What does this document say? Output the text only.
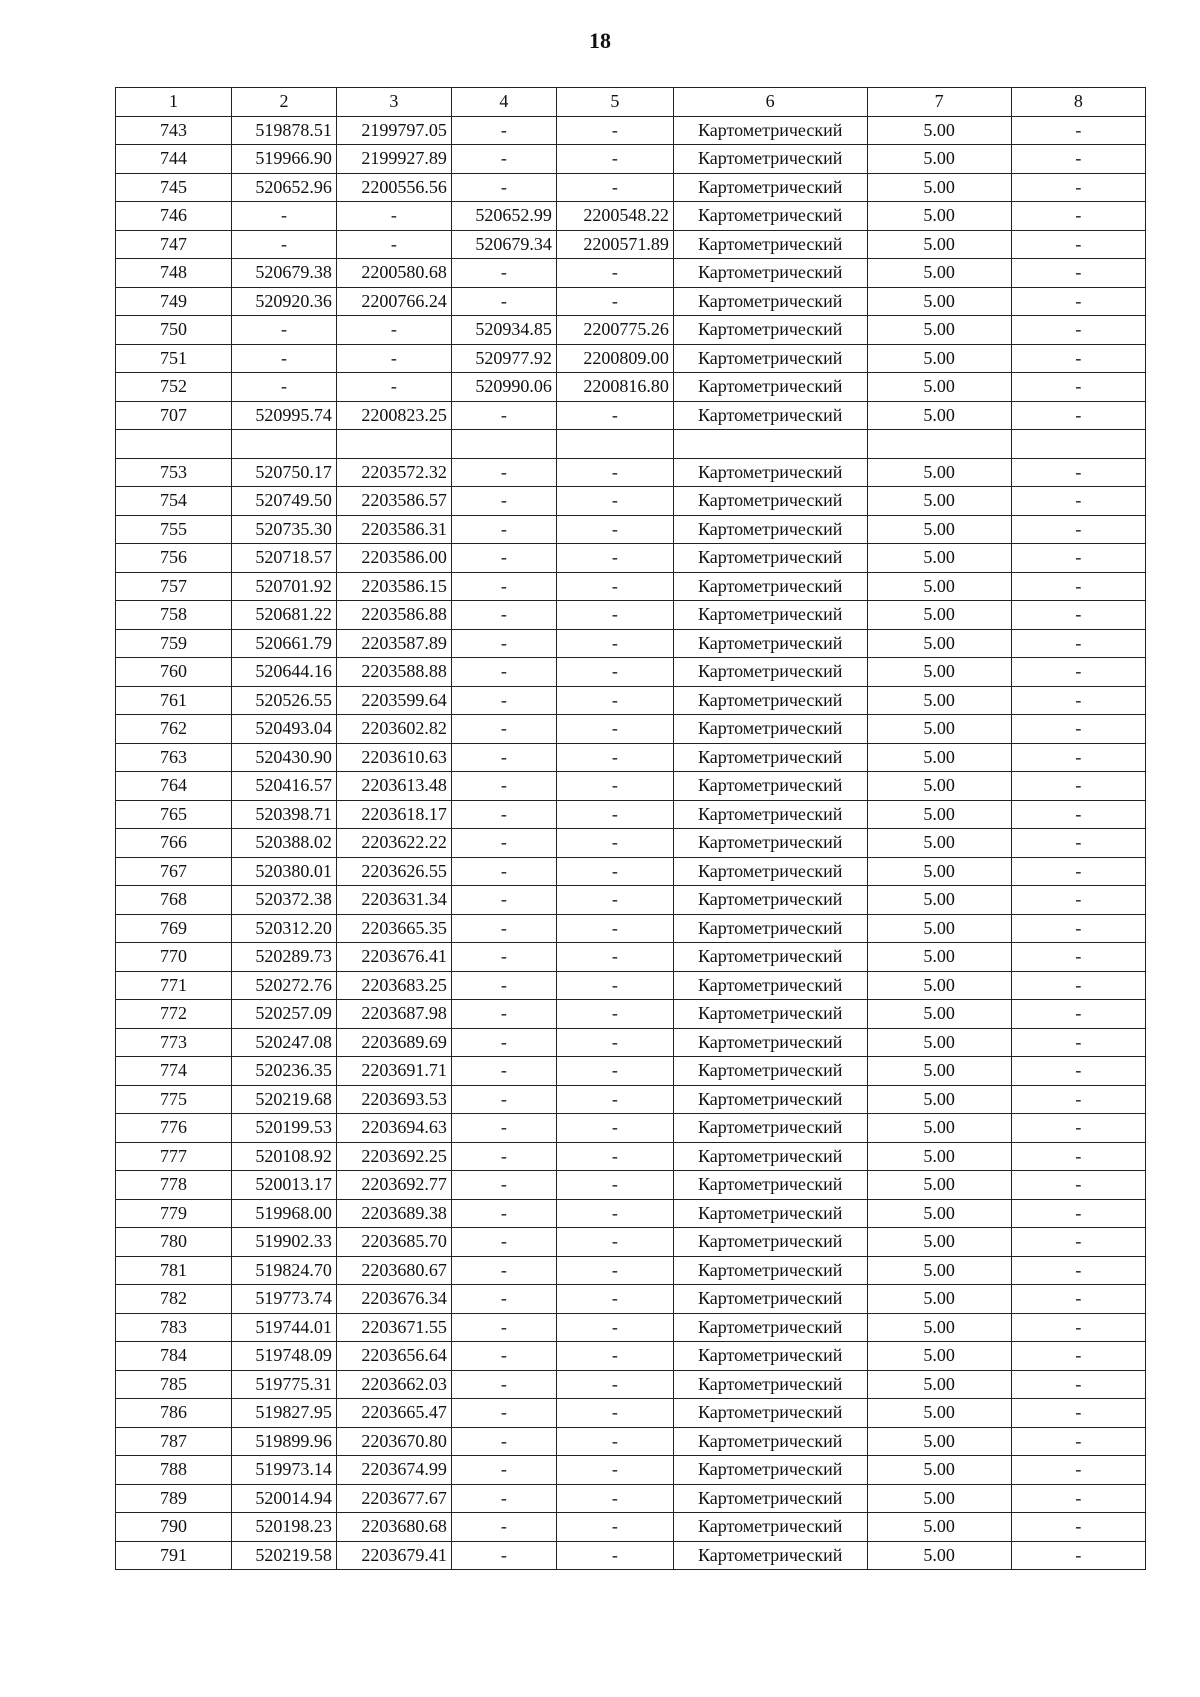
18
1	2	3	4	5	6	7	8
743	519878.51	2199797.05	-	-	Картометрический	5.00	-
744	519966.90	2199927.89	-	-	Картометрический	5.00	-
745	520652.96	2200556.56	-	-	Картометрический	5.00	-
746	-	-	520652.99	2200548.22	Картометрический	5.00	-
747	-	-	520679.34	2200571.89	Картометрический	5.00	-
748	520679.38	2200580.68	-	-	Картометрический	5.00	-
749	520920.36	2200766.24	-	-	Картометрический	5.00	-
750	-	-	520934.85	2200775.26	Картометрический	5.00	-
751	-	-	520977.92	2200809.00	Картометрический	5.00	-
752	-	-	520990.06	2200816.80	Картометрический	5.00	-
707	520995.74	2200823.25	-	-	Картометрический	5.00	-

753	520750.17	2203572.32	-	-	Картометрический	5.00	-
754	520749.50	2203586.57	-	-	Картометрический	5.00	-
755	520735.30	2203586.31	-	-	Картометрический	5.00	-
756	520718.57	2203586.00	-	-	Картометрический	5.00	-
757	520701.92	2203586.15	-	-	Картометрический	5.00	-
758	520681.22	2203586.88	-	-	Картометрический	5.00	-
759	520661.79	2203587.89	-	-	Картометрический	5.00	-
760	520644.16	2203588.88	-	-	Картометрический	5.00	-
761	520526.55	2203599.64	-	-	Картометрический	5.00	-
762	520493.04	2203602.82	-	-	Картометрический	5.00	-
763	520430.90	2203610.63	-	-	Картометрический	5.00	-
764	520416.57	2203613.48	-	-	Картометрический	5.00	-
765	520398.71	2203618.17	-	-	Картометрический	5.00	-
766	520388.02	2203622.22	-	-	Картометрический	5.00	-
767	520380.01	2203626.55	-	-	Картометрический	5.00	-
768	520372.38	2203631.34	-	-	Картометрический	5.00	-
769	520312.20	2203665.35	-	-	Картометрический	5.00	-
770	520289.73	2203676.41	-	-	Картометрический	5.00	-
771	520272.76	2203683.25	-	-	Картометрический	5.00	-
772	520257.09	2203687.98	-	-	Картометрический	5.00	-
773	520247.08	2203689.69	-	-	Картометрический	5.00	-
774	520236.35	2203691.71	-	-	Картометрический	5.00	-
775	520219.68	2203693.53	-	-	Картометрический	5.00	-
776	520199.53	2203694.63	-	-	Картометрический	5.00	-
777	520108.92	2203692.25	-	-	Картометрический	5.00	-
778	520013.17	2203692.77	-	-	Картометрический	5.00	-
779	519968.00	2203689.38	-	-	Картометрический	5.00	-
780	519902.33	2203685.70	-	-	Картометрический	5.00	-
781	519824.70	2203680.67	-	-	Картометрический	5.00	-
782	519773.74	2203676.34	-	-	Картометрический	5.00	-
783	519744.01	2203671.55	-	-	Картометрический	5.00	-
784	519748.09	2203656.64	-	-	Картометрический	5.00	-
785	519775.31	2203662.03	-	-	Картометрический	5.00	-
786	519827.95	2203665.47	-	-	Картометрический	5.00	-
787	519899.96	2203670.80	-	-	Картометрический	5.00	-
788	519973.14	2203674.99	-	-	Картометрический	5.00	-
789	520014.94	2203677.67	-	-	Картометрический	5.00	-
790	520198.23	2203680.68	-	-	Картометрический	5.00	-
791	520219.58	2203679.41	-	-	Картометрический	5.00	-
